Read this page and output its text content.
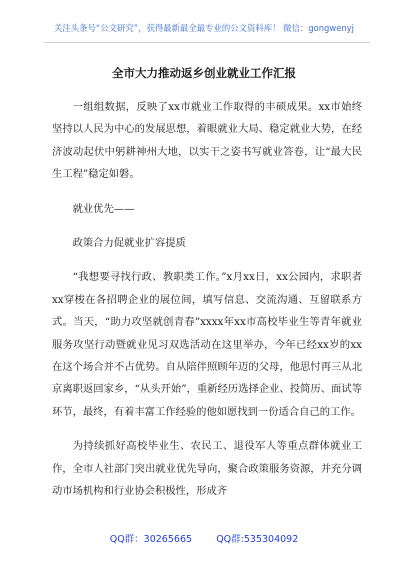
关注头条号“公文研究”，获得最新最全最专业的公文资料库！ 微信：gongwenyj
全市大力推动返乡创业就业工作汇报

一组组数据，反映了xx市就业工作取得的丰硕成果。xx市始终坚持以人民为中心的发展思想，着眼就业大局、稳定就业大势，在经济波动起伏中躬耕神州大地，以实干之姿书写就业答卷，让“最大民生工程”稳定如磐。

就业优先——

政策合力促就业扩容提质

“我想要寻找行政、教职类工作。”x月xx日，xx公园内，求职者xx穿梭在各招聘企业的展位间，填写信息、交流沟通、互留联系方式。当天，“助力攻坚就创青春”xxxx年xx市高校毕业生等青年就业服务攻坚行动暨就业见习双选活动在这里举办，今年已经xx岁的xx在这个场合并不占优势。自从陪伴照顾年迈的父母，他思忖再三从北京离职返回家乡，“从头开始”，重新经历选择企业、投简历、面试等环节，最终，有着丰富工作经验的他如愿找到一份适合自己的工作。

为持续抓好高校毕业生、农民工、退役军人等重点群体就业工作，全市人社部门突出就业优先导向，聚合政策服务资源，并充分调动市场机构和行业协会积极性，形成齐

QQ群：30265665	QQ群:535304092
